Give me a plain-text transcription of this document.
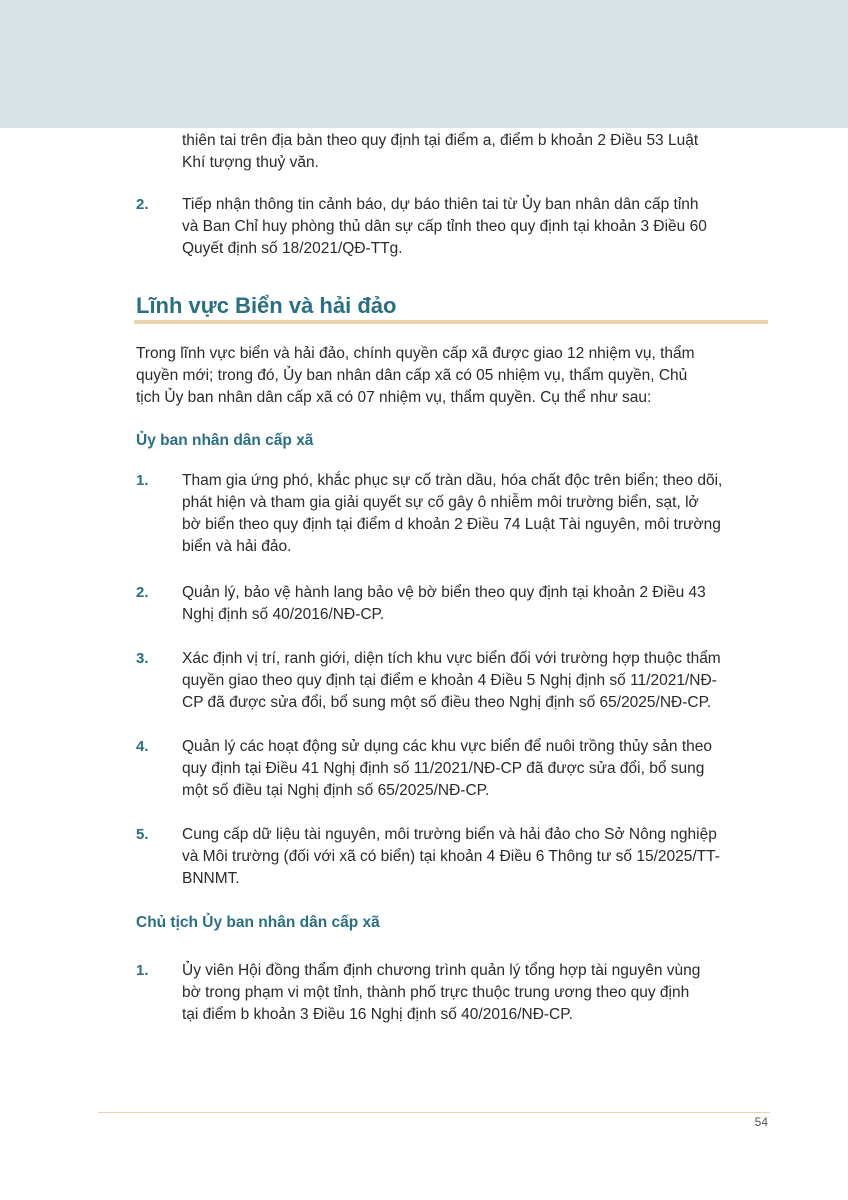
thiên tai trên địa bàn theo quy định tại điểm a, điểm b khoản 2 Điều 53 Luật
Khí tượng thuỷ văn.

2. Tiếp nhận thông tin cảnh báo, dự báo thiên tai từ Ủy ban nhân dân cấp tỉnh
và Ban Chỉ huy phòng thủ dân sự cấp tỉnh theo quy định tại khoản 3 Điều 60
Quyết định số 18/2021/QĐ-TTg.

Lĩnh vực Biển và hải đảo

Trong lĩnh vực biển và hải đảo, chính quyền cấp xã được giao 12 nhiệm vụ, thẩm
quyền mới; trong đó, Ủy ban nhân dân cấp xã có 05 nhiệm vụ, thẩm quyền, Chủ
tịch Ủy ban nhân dân cấp xã có 07 nhiệm vụ, thẩm quyền. Cụ thể như sau:

Ủy ban nhân dân cấp xã
1. Tham gia ứng phó, khắc phục sự cố tràn dầu, hóa chất độc trên biển; theo dõi,
phát hiện và tham gia giải quyết sự cố gây ô nhiễm môi trường biển, sạt, lở
bờ biển theo quy định tại điểm d khoản 2 Điều 74 Luật Tài nguyên, môi trường
biển và hải đảo.

2. Quản lý, bảo vệ hành lang bảo vệ bờ biển theo quy định tại khoản 2 Điều 43
Nghị định số 40/2016/NĐ-CP.

3. Xác định vị trí, ranh giới, diện tích khu vực biển đối với trường hợp thuộc thẩm
quyền giao theo quy định tại điểm e khoản 4 Điều 5 Nghị định số 11/2021/NĐ-
CP đã được sửa đổi, bổ sung một số điều theo Nghị định số 65/2025/NĐ-CP.

4. Quản lý các hoạt động sử dụng các khu vực biển để nuôi trồng thủy sản theo
quy định tại Điều 41 Nghị định số 11/2021/NĐ-CP đã được sửa đổi, bổ sung
một số điều tại Nghị định số 65/2025/NĐ-CP.

5. Cung cấp dữ liệu tài nguyên, môi trường biển và hải đảo cho Sở Nông nghiệp
và Môi trường (đối với xã có biển) tại khoản 4 Điều 6 Thông tư số 15/2025/TT-
BNNMT.

Chủ tịch Ủy ban nhân dân cấp xã
1. Ủy viên Hội đồng thẩm định chương trình quản lý tổng hợp tài nguyên vùng
bờ trong phạm vi một tỉnh, thành phố trực thuộc trung ương theo quy định
tại điểm b khoản 3 Điều 16 Nghị định số 40/2016/NĐ-CP.

54
